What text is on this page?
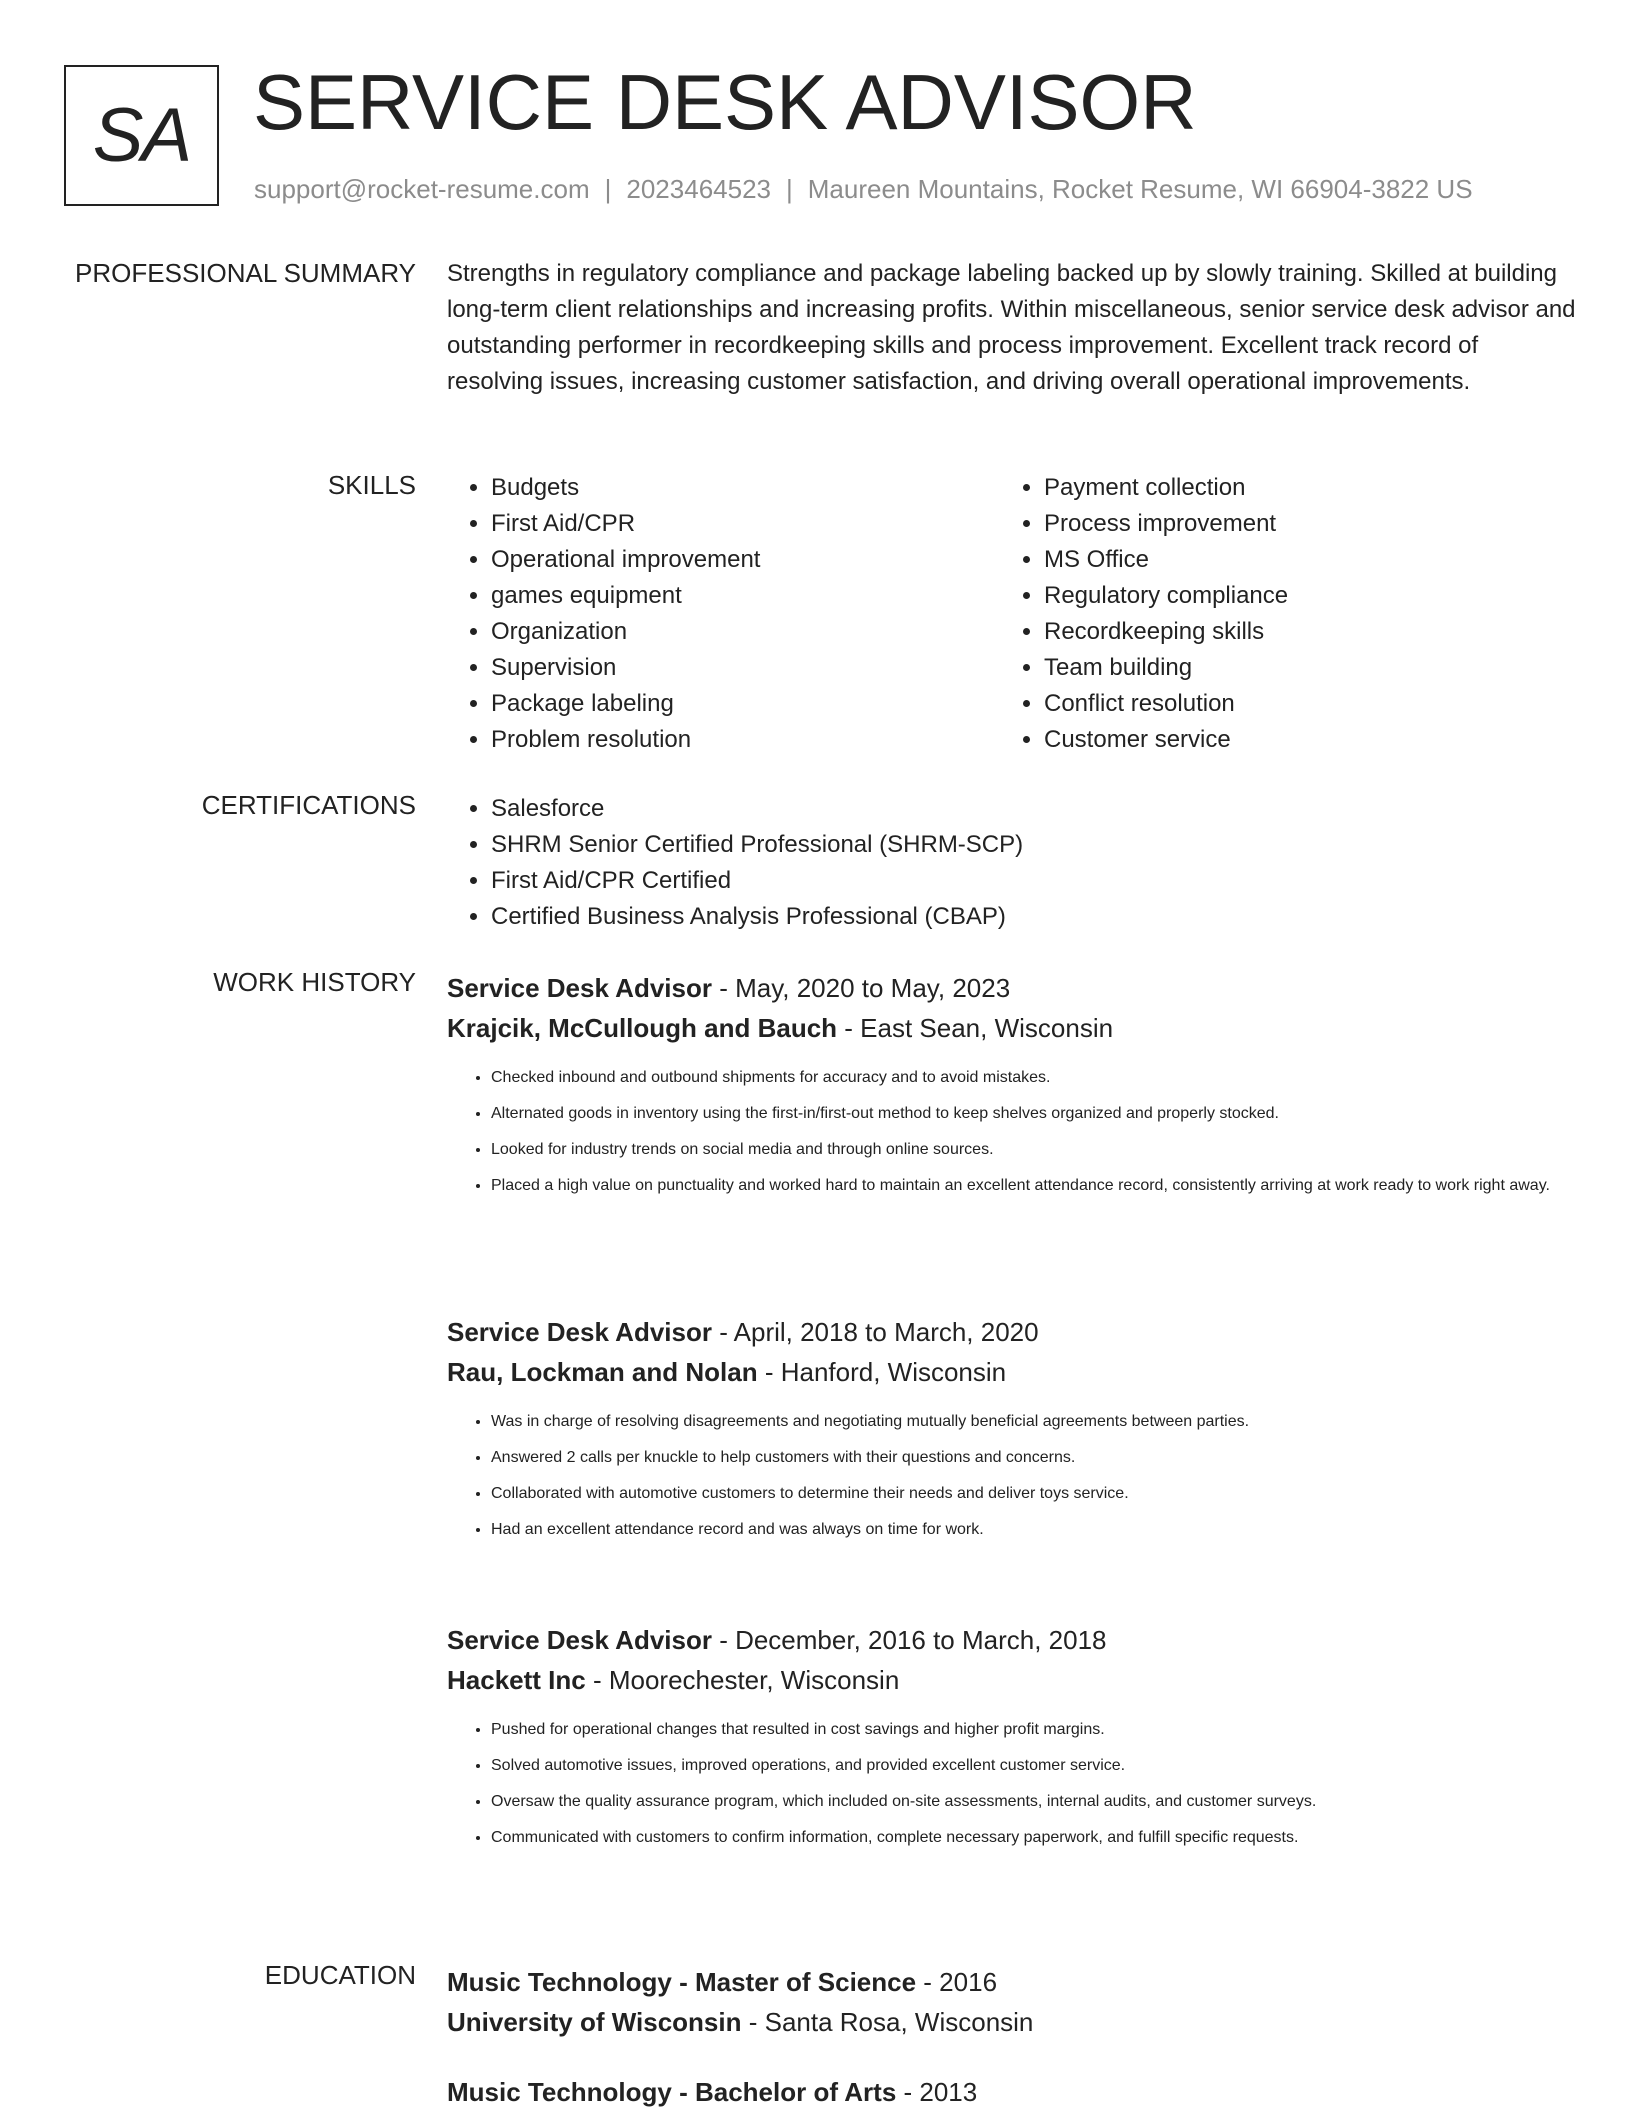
SA SERVICE DESK ADVISOR
support@rocket-resume.com | 2023464523 | Maureen Mountains, Rocket Resume, WI 66904-3822 US
PROFESSIONAL SUMMARY Strengths in regulatory compliance and package labeling backed up by slowly training. Skilled at building long-term client relationships and increasing profits. Within miscellaneous, senior service desk advisor and outstanding performer in recordkeeping skills and process improvement. Excellent track record of resolving issues, increasing customer satisfaction, and driving overall operational improvements.
SKILLS	• Budgets
• First Aid/CPR
• Operational improvement
• games equipment
• Organization
• Supervision
• Package labeling
• Problem resolution
• Payment collection
• Process improvement
• MS Office
• Regulatory compliance
• Recordkeeping skills
• Team building
• Conflict resolution
• Customer service
CERTIFICATIONS	• Salesforce
• SHRM Senior Certified Professional (SHRM-SCP)
• First Aid/CPR Certified
• Certified Business Analysis Professional (CBAP)
WORK HISTORY Service Desk Advisor - May, 2020 to May, 2023
Krajcik, McCullough and Bauch - East Sean, Wisconsin
• Checked inbound and outbound shipments for accuracy and to avoid mistakes.
• Alternated goods in inventory using the first-in/first-out method to keep shelves organized and properly stocked.
• Looked for industry trends on social media and through online sources.
• Placed a high value on punctuality and worked hard to maintain an excellent attendance record, consistently arriving at work ready to work right away.
Service Desk Advisor - April, 2018 to March, 2020
Rau, Lockman and Nolan - Hanford, Wisconsin
• Was in charge of resolving disagreements and negotiating mutually beneficial agreements between parties.
• Answered 2 calls per knuckle to help customers with their questions and concerns.
• Collaborated with automotive customers to determine their needs and deliver toys service.
• Had an excellent attendance record and was always on time for work.
Service Desk Advisor - December, 2016 to March, 2018
Hackett Inc - Moorechester, Wisconsin
• Pushed for operational changes that resulted in cost savings and higher profit margins.
• Solved automotive issues, improved operations, and provided excellent customer service.
• Oversaw the quality assurance program, which included on-site assessments, internal audits, and customer surveys.
• Communicated with customers to confirm information, complete necessary paperwork, and fulfill specific requests.
EDUCATION Music Technology - Master of Science - 2016
University of Wisconsin - Santa Rosa, Wisconsin
Music Technology - Bachelor of Arts - 2013
